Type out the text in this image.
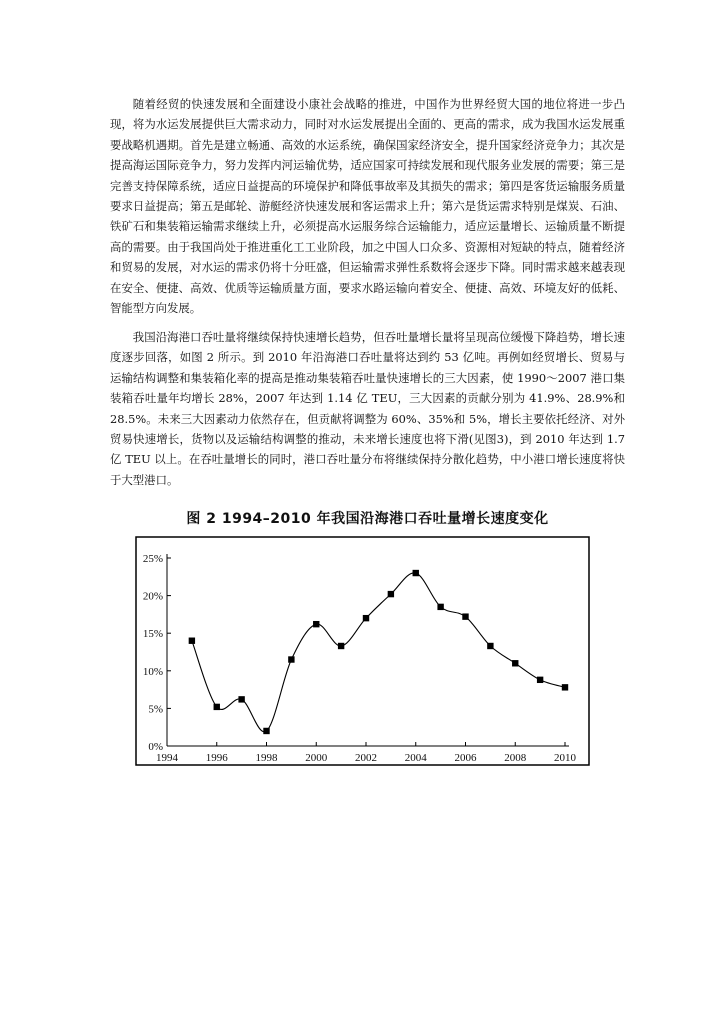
随着经贸的快速发展和全面建设小康社会战略的推进，中国作为世界经贸大国的地位将进一步凸现，将为水运发展提供巨大需求动力，同时对水运发展提出全面的、更高的需求，成为我国水运发展重要战略机遇期。首先是建立畅通、高效的水运系统，确保国家经济安全，提升国家经济竞争力；其次是提高海运国际竞争力，努力发挥内河运输优势，适应国家可持续发展和现代服务业发展的需要；第三是完善支持保障系统，适应日益提高的环境保护和降低事故率及其损失的需求；第四是客货运输服务质量要求日益提高；第五是邮轮、游艇经济快速发展和客运需求上升；第六是货运需求特别是煤炭、石油、铁矿石和集装箱运输需求继续上升，必须提高水运服务综合运输能力，适应运量增长、运输质量不断提高的需要。由于我国尚处于推进重化工工业阶段，加之中国人口众多、资源相对短缺的特点，随着经济和贸易的发展，对水运的需求仍将十分旺盛，但运输需求弹性系数将会逐步下降。同时需求越来越表现在安全、便捷、高效、优质等运输质量方面，要求水路运输向着安全、便捷、高效、环境友好的低耗、智能型方向发展。

我国沿海港口吞吐量将继续保持快速增长趋势，但吞吐量增长量将呈现高位缓慢下降趋势，增长速度逐步回落，如图 2 所示。到 2010 年沿海港口吞吐量将达到约 53 亿吨。再例如经贸增长、贸易与运输结构调整和集装箱化率的提高是推动集装箱吞吐量快速增长的三大因素，使 1990～2007 港口集装箱吞吐量年均增长 28%，2007 年达到 1.14 亿 TEU，三大因素的贡献分别为 41.9%、28.9%和 28.5%。未来三大因素动力依然存在，但贡献将调整为 60%、35%和 5%，增长主要依托经济、对外贸易快速增长，货物以及运输结构调整的推动，未来增长速度也将下滑(见图3)，到 2010 年达到 1.7 亿 TEU 以上。在吞吐量增长的同时，港口吞吐量分布将继续保持分散化趋势，中小港口增长速度将快于大型港口。

图 2 1994–2010 年我国沿海港口吞吐量增长速度变化
0%
5%
10%
15%
20%
25%
1994	1996	1998	2000	2002	2004	2006	2008	2010
